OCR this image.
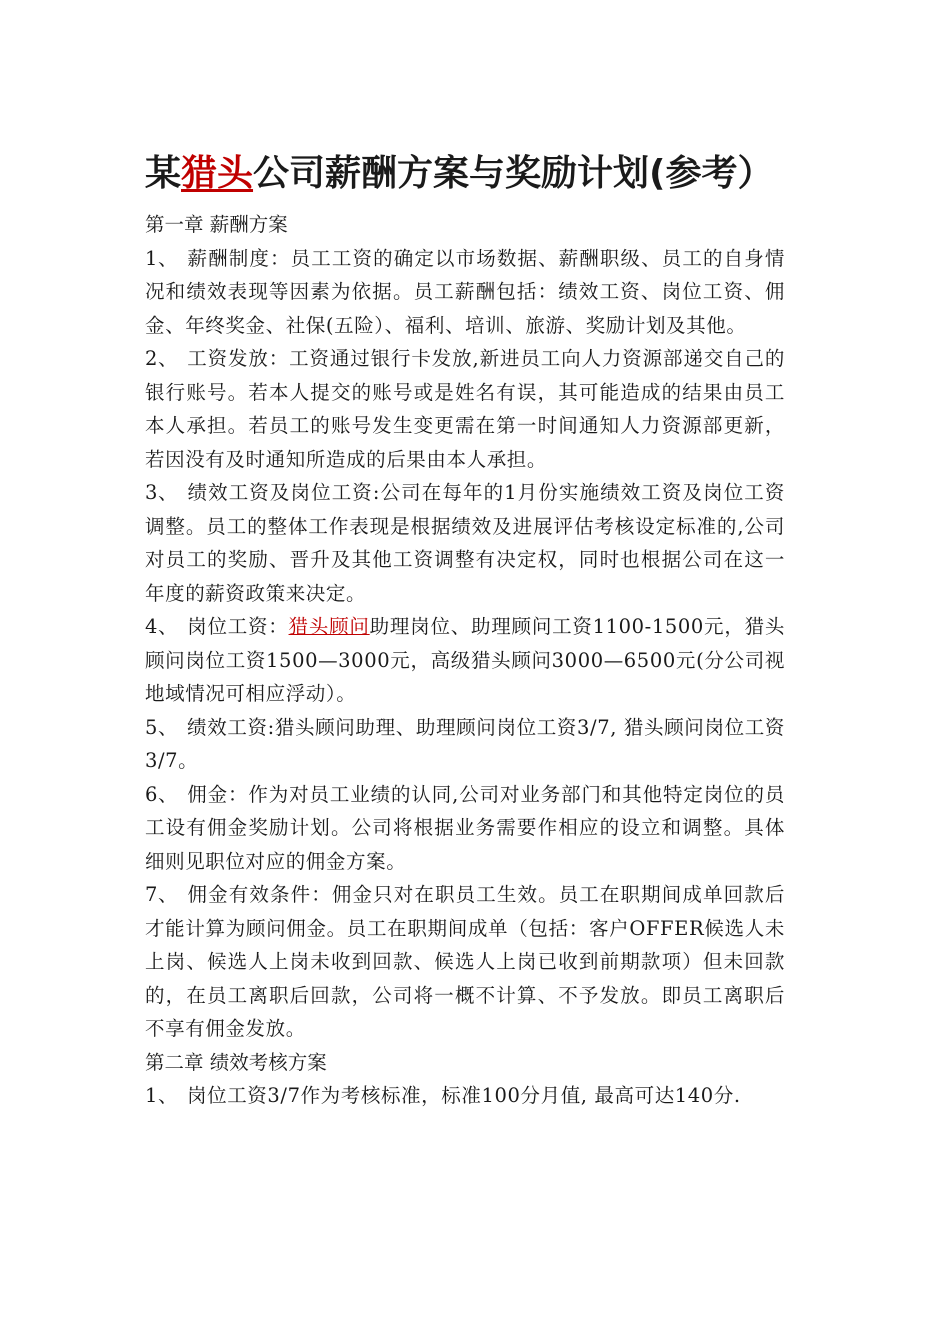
某猎头公司薪酬方案与奖励计划(参考）

第一章 薪酬方案

1、 薪酬制度：员工工资的确定以市场数据、薪酬职级、员工的自身情况和绩效表现等因素为依据。员工薪酬包括：绩效工资、岗位工资、佣金、年终奖金、社保(五险）、福利、培训、旅游、奖励计划及其他。

2、 工资发放：工资通过银行卡发放,新进员工向人力资源部递交自己的银行账号。若本人提交的账号或是姓名有误，其可能造成的结果由员工本人承担。若员工的账号发生变更需在第一时间通知人力资源部更新，若因没有及时通知所造成的后果由本人承担。

3、 绩效工资及岗位工资:公司在每年的1月份实施绩效工资及岗位工资调整。员工的整体工作表现是根据绩效及进展评估考核设定标准的,公司对员工的奖励、晋升及其他工资调整有决定权，同时也根据公司在这一年度的薪资政策来决定。

4、 岗位工资：猎头顾问助理岗位、助理顾问工资1100-1500元，猎头顾问岗位工资1500—3000元，高级猎头顾问3000—6500元(分公司视地域情况可相应浮动）。

5、 绩效工资:猎头顾问助理、助理顾问岗位工资3/7, 猎头顾问岗位工资3/7。

6、 佣金：作为对员工业绩的认同,公司对业务部门和其他特定岗位的员工设有佣金奖励计划。公司将根据业务需要作相应的设立和调整。具体细则见职位对应的佣金方案。

7、 佣金有效条件：佣金只对在职员工生效。员工在职期间成单回款后才能计算为顾问佣金。员工在职期间成单（包括：客户OFFER候选人未上岗、候选人上岗未收到回款、候选人上岗已收到前期款项）但未回款的，在员工离职后回款，公司将一概不计算、不予发放。即员工离职后不享有佣金发放。

第二章 绩效考核方案

1、 岗位工资3/7作为考核标准，标准100分月值, 最高可达140分.
